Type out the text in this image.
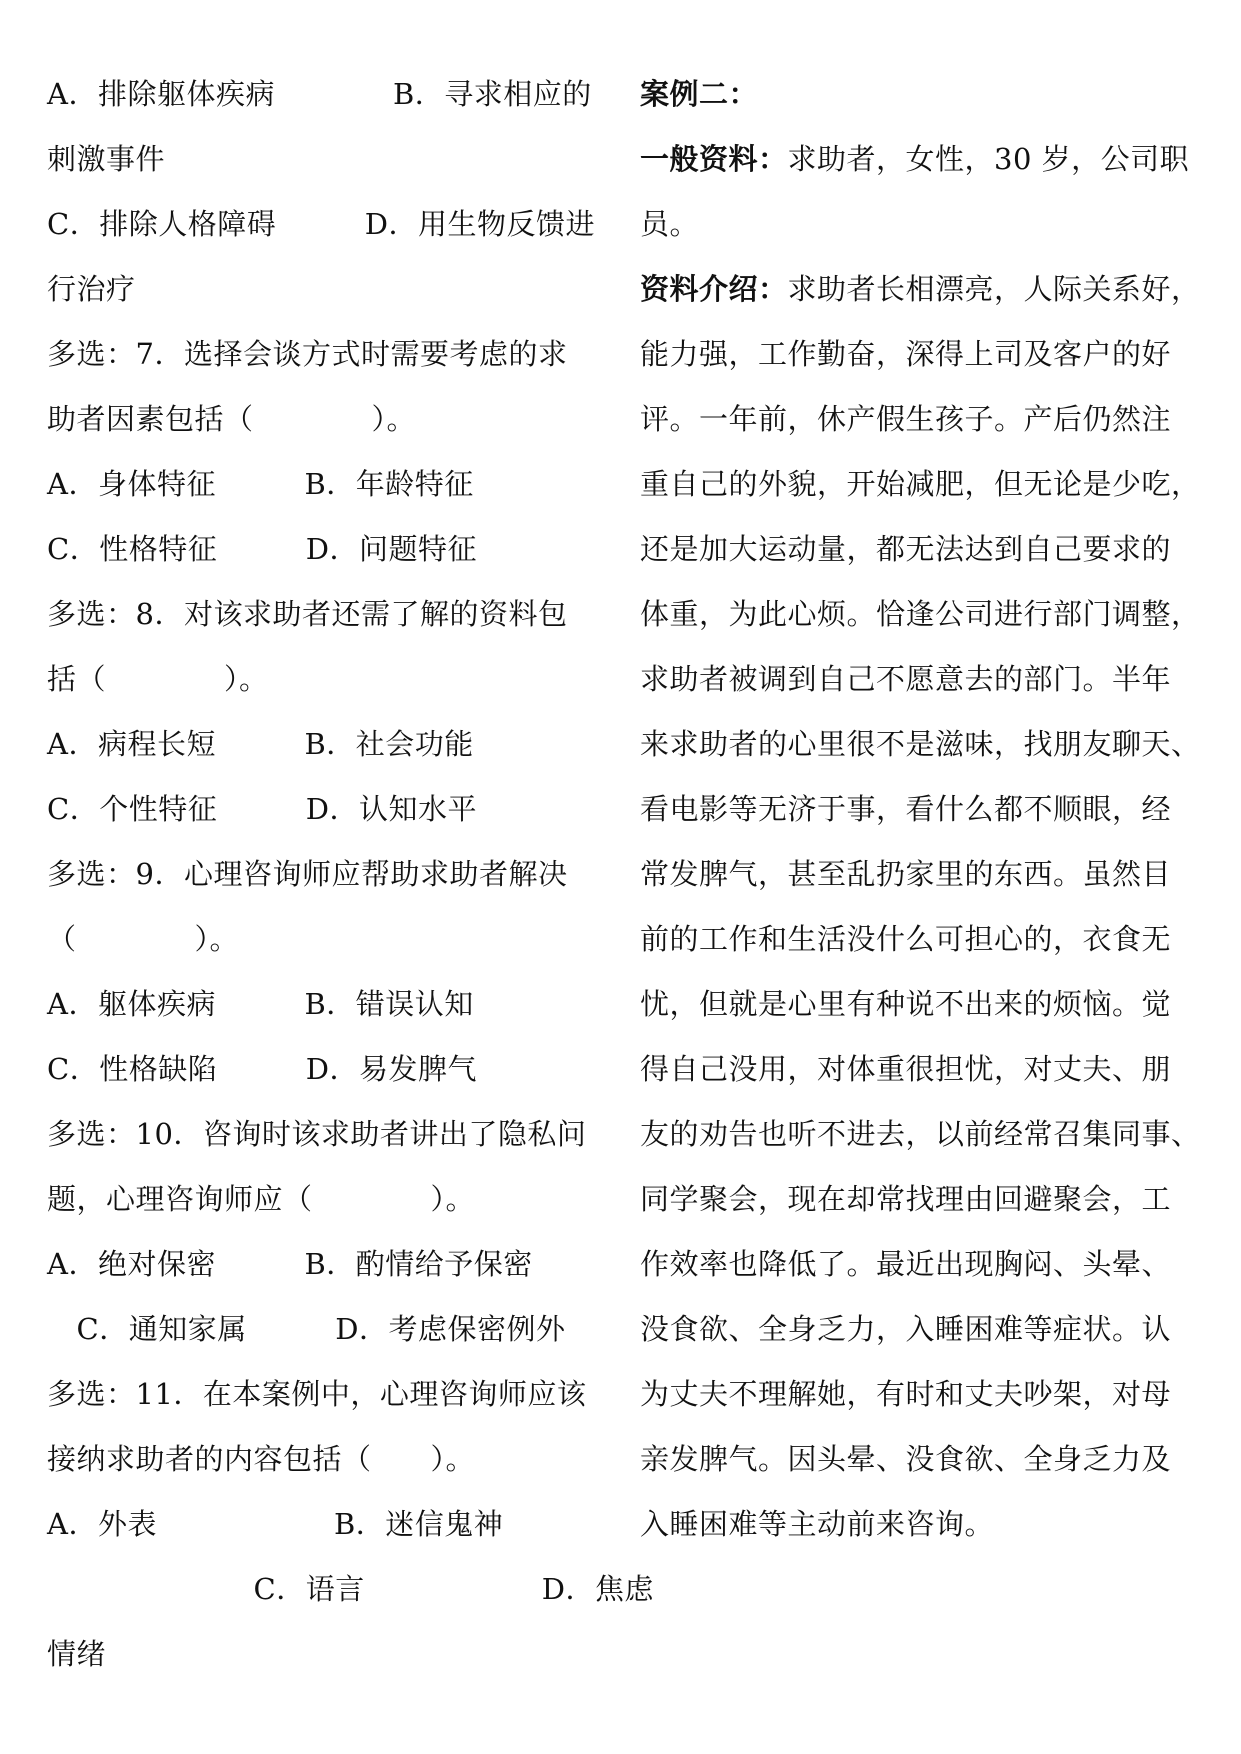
A．排除躯体疾病　　　　B．寻求相应的
刺激事件
C．排除人格障碍　　　D．用生物反馈进
行治疗
多选：7．选择会谈方式时需要考虑的求
助者因素包括（　　　　）。
A．身体特征　　　B．年龄特征
C．性格特征　　　D．问题特征
多选：8．对该求助者还需了解的资料包
括（　　　　）。
A．病程长短　　　B．社会功能
C．个性特征　　　D．认知水平
多选：9．心理咨询师应帮助求助者解决
（　　　　）。
A．躯体疾病　　　B．错误认知
C．性格缺陷　　　D．易发脾气
多选：10．咨询时该求助者讲出了隐私问
题，心理咨询师应（　　　　）。
A．绝对保密　　　B．酌情给予保密
　C．通知家属　　　D．考虑保密例外
多选：11．在本案例中，心理咨询师应该
接纳求助者的内容包括（　　）。
A．外表　　　　　　B．迷信鬼神
　　　　　　　C．语言　　　　　　D．焦虑
情绪
案例二：
一般资料：求助者，女性，30 岁，公司职
员。
资料介绍：求助者长相漂亮，人际关系好，
能力强，工作勤奋，深得上司及客户的好
评。一年前，休产假生孩子。产后仍然注
重自己的外貌，开始减肥，但无论是少吃，
还是加大运动量，都无法达到自己要求的
体重，为此心烦。恰逢公司进行部门调整，
求助者被调到自己不愿意去的部门。半年
来求助者的心里很不是滋味，找朋友聊天、
看电影等无济于事，看什么都不顺眼，经
常发脾气，甚至乱扔家里的东西。虽然目
前的工作和生活没什么可担心的，衣食无
忧，但就是心里有种说不出来的烦恼。觉
得自己没用，对体重很担忧，对丈夫、朋
友的劝告也听不进去，以前经常召集同事、
同学聚会，现在却常找理由回避聚会，工
作效率也降低了。最近出现胸闷、头晕、
没食欲、全身乏力，入睡困难等症状。认
为丈夫不理解她，有时和丈夫吵架，对母
亲发脾气。因头晕、没食欲、全身乏力及
入睡困难等主动前来咨询。
